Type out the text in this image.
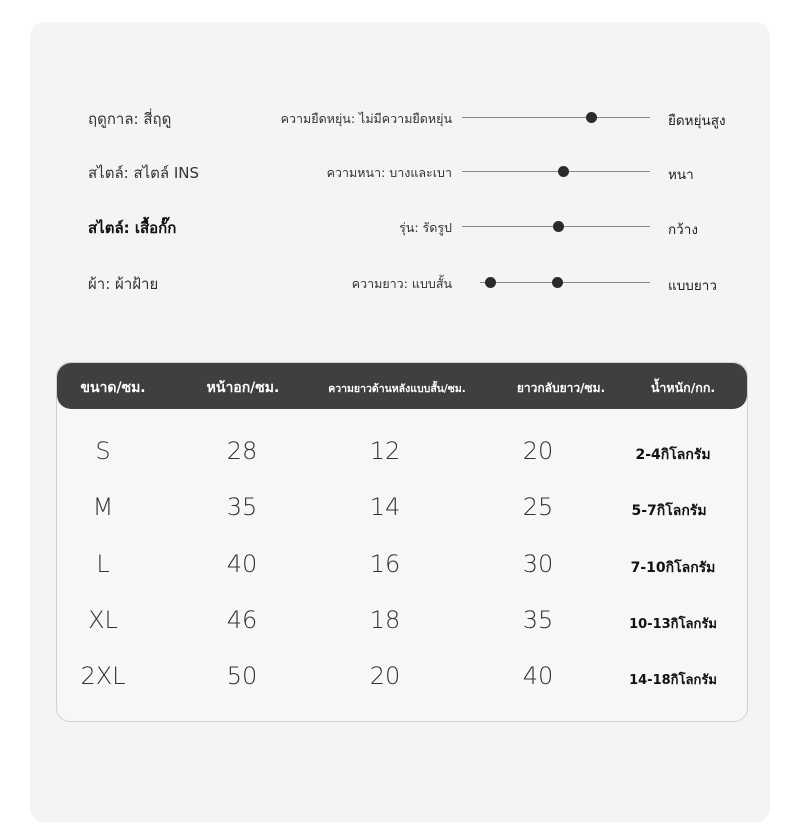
ฤดูกาล: สี่ฤดู	ความยืดหยุ่น: ไม่มีความยืดหยุ่น	ยืดหยุ่นสูง
สไตล์: สไตล์ INS	ความหนา: บางและเบา	หนา
สไตล์: เสื้อกั๊ก	รุ่น: รัดรูป	กว้าง
ผ้า: ผ้าฝ้าย	ความยาว: แบบสั้น	แบบยาว
ขนาด/ซม.	หน้าอก/ซม.	ความยาวด้านหลังแบบสั้น/ซม.	ยาวกลับยาว/ซม.	น้ำหนัก/กก.
S	28	12	20	2-4กิโลกรัม
M	35	14	25	5-7กิโลกรัม
L	40	16	30	7-10กิโลกรัม
XL	46	18	35	10-13กิโลกรัม
2XL	50	20	40	14-18กิโลกรัม
